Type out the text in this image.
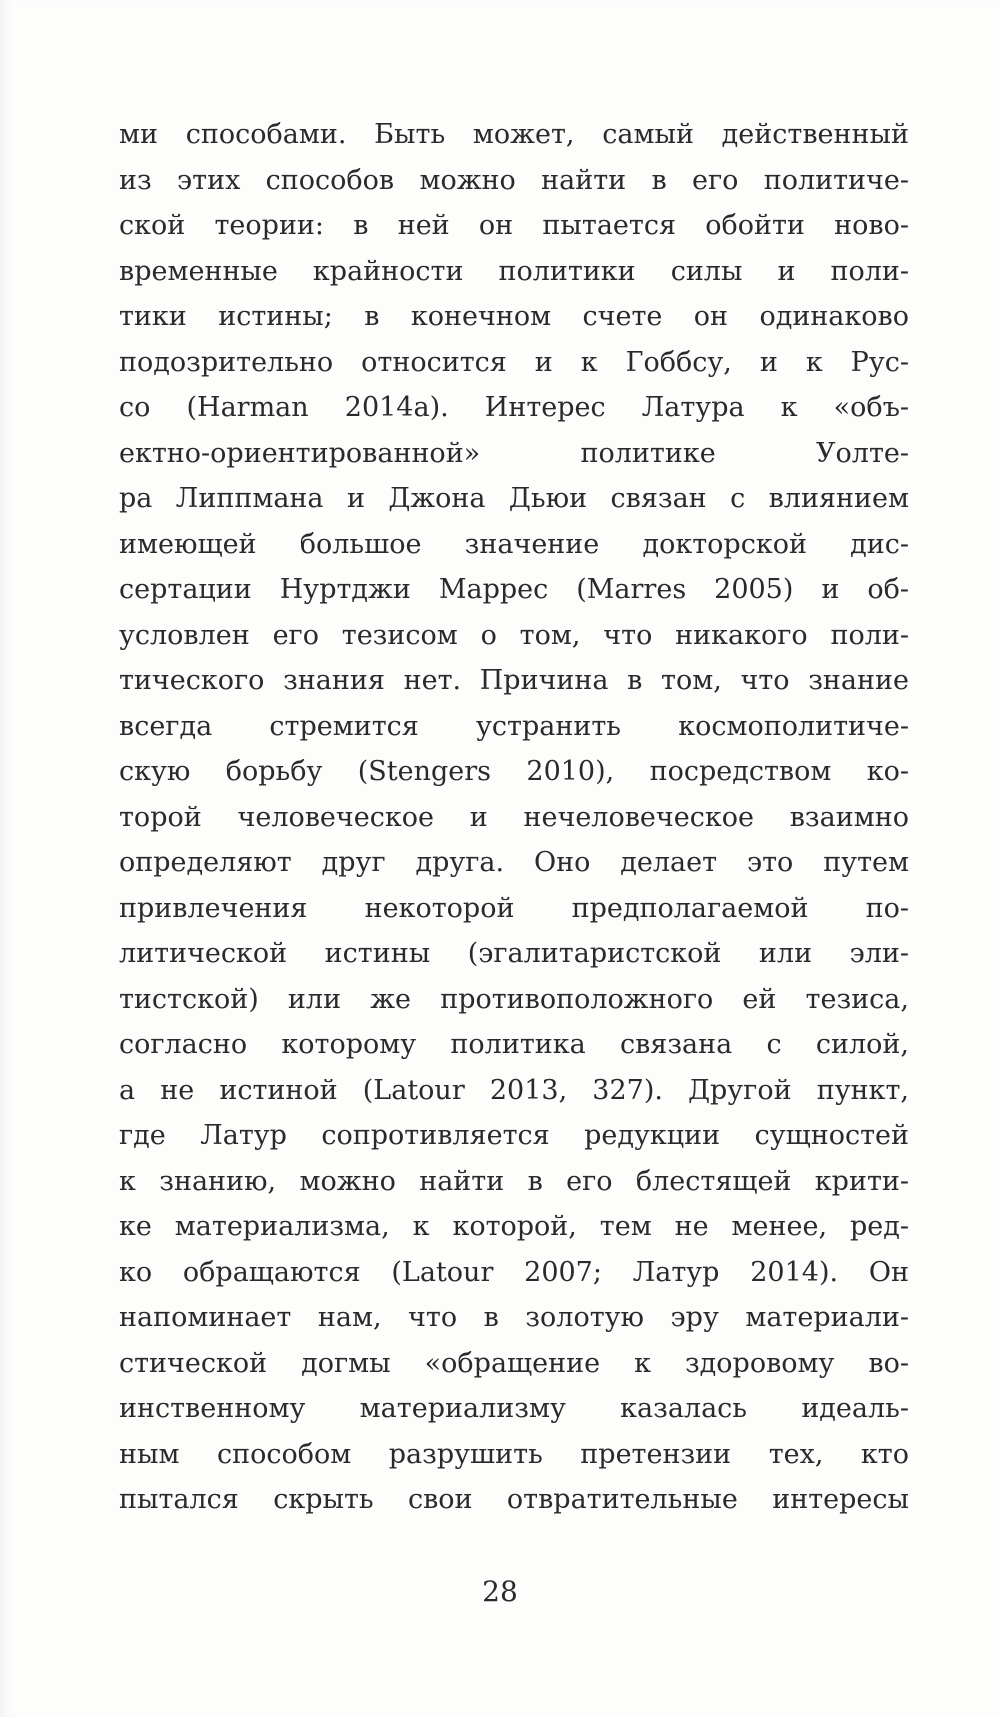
ми способами. Быть может, самый действенный
из этих способов можно найти в его политиче-
ской теории: в ней он пытается обойти ново-
временные крайности политики силы и поли-
тики истины; в конечном счете он одинаково
подозрительно относится и к Гоббсу, и к Рус-
со (Harman 2014a). Интерес Латура к «объ-
ектно-ориентированной» политике Уолте-
ра Липпмана и Джона Дьюи связан с влиянием
имеющей большое значение докторской дис-
сертации Нуртджи Маррес (Marres 2005) и об-
условлен его тезисом о том, что никакого поли-
тического знания нет. Причина в том, что знание
всегда стремится устранить космополитиче-
скую борьбу (Stengers 2010), посредством ко-
торой человеческое и нечеловеческое взаимно
определяют друг друга. Оно делает это путем
привлечения некоторой предполагаемой по-
литической истины (эгалитаристской или эли-
тистской) или же противоположного ей тезиса,
согласно которому политика связана с силой,
а не истиной (Latour 2013, 327). Другой пункт,
где Латур сопротивляется редукции сущностей
к знанию, можно найти в его блестящей крити-
ке материализма, к которой, тем не менее, ред-
ко обращаются (Latour 2007; Латур 2014). Он
напоминает нам, что в золотую эру материали-
стической догмы «обращение к здоровому во-
инственному материализму казалась идеаль-
ным способом разрушить претензии тех, кто
пытался скрыть свои отвратительные интересы

28
